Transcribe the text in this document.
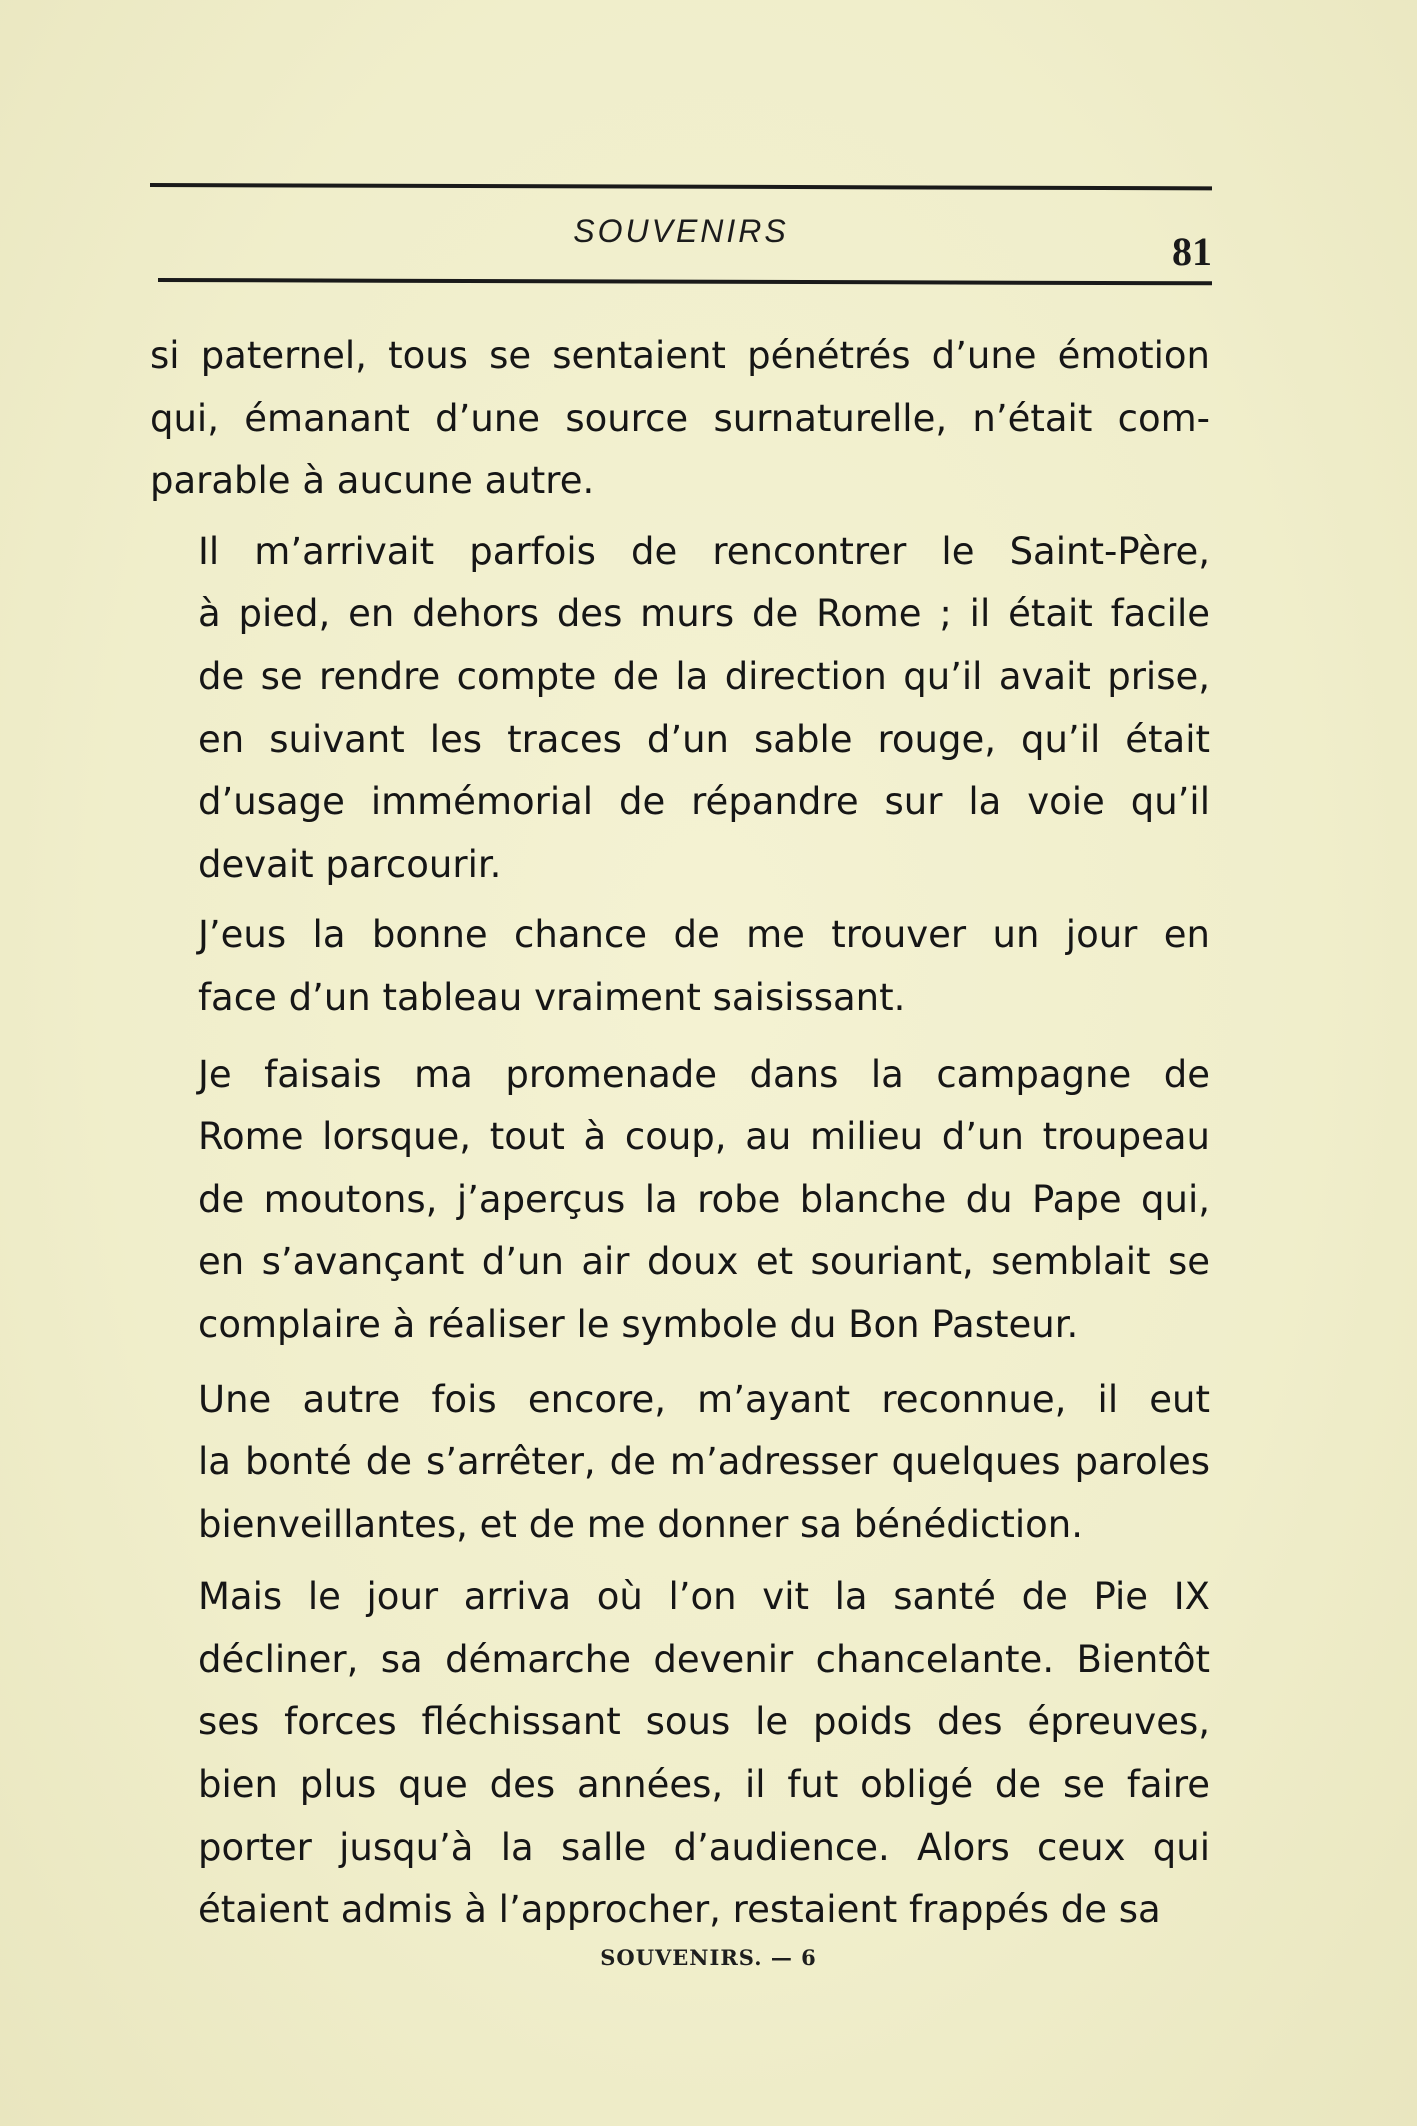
SOUVENIRS	81
si paternel, tous se sentaient pénétrés d’une émotion
qui, émanant d’une source surnaturelle, n’était com-
parable à aucune autre.
Il m’arrivait parfois de rencontrer le Saint-Père,
à pied, en dehors des murs de Rome ; il était facile
de se rendre compte de la direction qu’il avait prise,
en suivant les traces d’un sable rouge, qu’il était
d’usage immémorial de répandre sur la voie qu’il
devait parcourir.
J’eus la bonne chance de me trouver un jour en
face d’un tableau vraiment saisissant.
Je faisais ma promenade dans la campagne de
Rome lorsque, tout à coup, au milieu d’un troupeau
de moutons, j’aperçus la robe blanche du Pape qui,
en s’avançant d’un air doux et souriant, semblait se
complaire à réaliser le symbole du Bon Pasteur.
Une autre fois encore, m’ayant reconnue, il eut
la bonté de s’arrêter, de m’adresser quelques paroles
bienveillantes, et de me donner sa bénédiction.
Mais le jour arriva où l’on vit la santé de Pie IX
décliner, sa démarche devenir chancelante. Bientôt
ses forces fléchissant sous le poids des épreuves,
bien plus que des années, il fut obligé de se faire
porter jusqu’à la salle d’audience. Alors ceux qui
étaient admis à l’approcher, restaient frappés de sa
SOUVENIRS. — 6
